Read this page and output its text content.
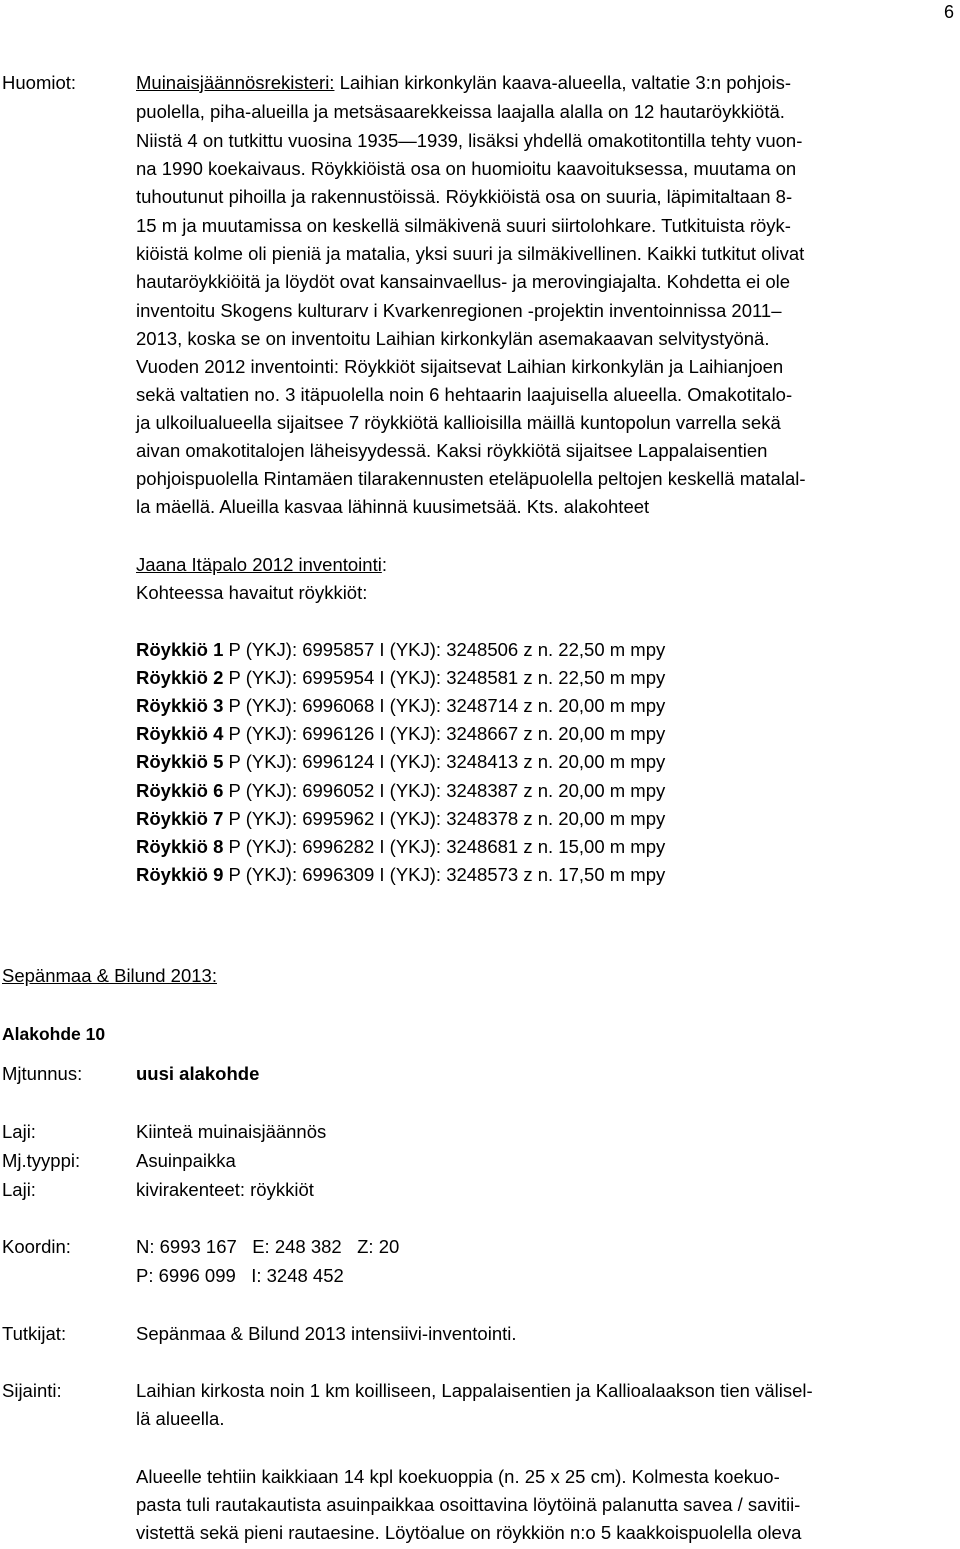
6
Huomiot:	Muinaisjäännösrekisteri: Laihian kirkonkylän kaava-alueella, valtatie 3:n pohjois-
puolella, piha-alueilla ja metsäsaarekkeissa laajalla alalla on 12 hautaröykkiötä.
Niistä 4 on tutkittu vuosina 1935—1939, lisäksi yhdellä omakotitontilla tehty vuon-
na 1990 koekaivaus. Röykkiöistä osa on huomioitu kaavoituksessa, muutama on
tuhoutunut pihoilla ja rakennustöissä. Röykkiöistä osa on suuria, läpimitaltaan 8-
15 m ja muutamissa on keskellä silmäkivenä suuri siirtolohkare. Tutkituista röyk-
kiöistä kolme oli pieniä ja matalia, yksi suuri ja silmäkivellinen. Kaikki tutkitut olivat
hautaröykkiöitä ja löydöt ovat kansainvaellus- ja merovingiajalta. Kohdetta ei ole
inventoitu Skogens kulturarv i Kvarkenregionen -projektin inventoinnissa 2011–
2013, koska se on inventoitu Laihian kirkonkylän asemakaavan selvitystyönä.
Vuoden 2012 inventointi: Röykkiöt sijaitsevat Laihian kirkonkylän ja Laihianjoen
sekä valtatien no. 3 itäpuolella noin 6 hehtaarin laajuisella alueella. Omakotitalo-
ja ulkoilualueella sijaitsee 7 röykkiötä kallioisilla mäillä kuntopolun varrella sekä
aivan omakotitalojen läheisyydessä. Kaksi röykkiötä sijaitsee Lappalaisentien
pohjoispuolella Rintamäen tilarakennusten eteläpuolella peltojen keskellä matalal-
la mäellä. Alueilla kasvaa lähinnä kuusimetsää. Kts. alakohteet
Jaana Itäpalo 2012 inventointi:
Kohteessa havaitut röykkiöt:
Röykkiö 1 P (YKJ): 6995857 I (YKJ): 3248506 z n. 22,50 m mpy
Röykkiö 2 P (YKJ): 6995954 I (YKJ): 3248581 z n. 22,50 m mpy
Röykkiö 3 P (YKJ): 6996068 I (YKJ): 3248714 z n. 20,00 m mpy
Röykkiö 4 P (YKJ): 6996126 I (YKJ): 3248667 z n. 20,00 m mpy
Röykkiö 5 P (YKJ): 6996124 I (YKJ): 3248413 z n. 20,00 m mpy
Röykkiö 6 P (YKJ): 6996052 I (YKJ): 3248387 z n. 20,00 m mpy
Röykkiö 7 P (YKJ): 6995962 I (YKJ): 3248378 z n. 20,00 m mpy
Röykkiö 8 P (YKJ): 6996282 I (YKJ): 3248681 z n. 15,00 m mpy
Röykkiö 9 P (YKJ): 6996309 I (YKJ): 3248573 z n. 17,50 m mpy
Sepänmaa & Bilund 2013:
Alakohde 10
Mjtunnus:	uusi alakohde
Laji:	Kiinteä muinaisjäännös
Mj.tyyppi:	Asuinpaikka
Laji:	kivirakenteet: röykkiöt
Koordin:	N: 6993 167   E: 248 382   Z: 20
P: 6996 099   I: 3248 452
Tutkijat:	Sepänmaa & Bilund 2013 intensiivi-inventointi.
Sijainti:	Laihian kirkosta noin 1 km koilliseen, Lappalaisentien ja Kallioalaakson tien välisel-
lä alueella.
Alueelle tehtiin kaikkiaan 14 kpl koekuoppia (n. 25 x 25 cm). Kolmesta koekuo-
pasta tuli rautakautista asuinpaikkaa osoittavina löytöinä palanutta savea / savitii-
vistettä sekä pieni rautaesine. Löytöalue on röykkiön n:o 5 kaakkoispuolella oleva
